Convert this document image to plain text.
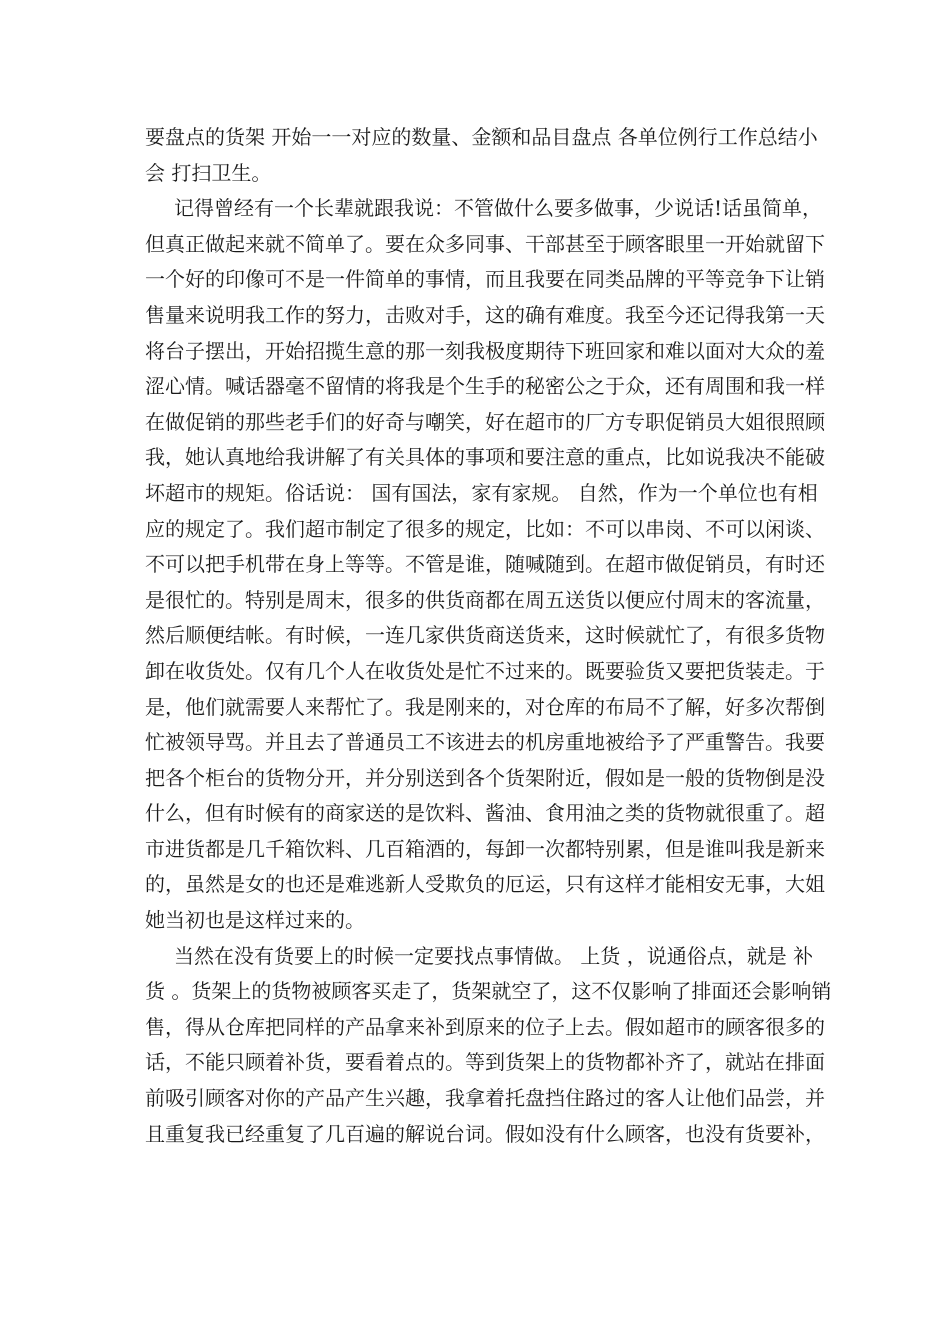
要盘点的货架 开始一一对应的数量、金额和品目盘点 各单位例行工作总结小
会 打扫卫生。
记得曾经有一个长辈就跟我说：不管做什么要多做事，少说话!话虽简单，
但真正做起来就不简单了。要在众多同事、干部甚至于顾客眼里一开始就留下
一个好的印像可不是一件简单的事情，而且我要在同类品牌的平等竞争下让销
售量来说明我工作的努力，击败对手，这的确有难度。我至今还记得我第一天
将台子摆出，开始招揽生意的那一刻我极度期待下班回家和难以面对大众的羞
涩心情。喊话器毫不留情的将我是个生手的秘密公之于众，还有周围和我一样
在做促销的那些老手们的好奇与嘲笑，好在超市的厂方专职促销员大姐很照顾
我，她认真地给我讲解了有关具体的事项和要注意的重点，比如说我决不能破
坏超市的规矩。俗话说： 国有国法，家有家规。 自然，作为一个单位也有相
应的规定了。我们超市制定了很多的规定，比如：不可以串岗、不可以闲谈、
不可以把手机带在身上等等。不管是谁，随喊随到。在超市做促销员，有时还
是很忙的。特别是周末，很多的供货商都在周五送货以便应付周末的客流量，
然后顺便结帐。有时候，一连几家供货商送货来，这时候就忙了，有很多货物
卸在收货处。仅有几个人在收货处是忙不过来的。既要验货又要把货装走。于
是，他们就需要人来帮忙了。我是刚来的，对仓库的布局不了解，好多次帮倒
忙被领导骂。并且去了普通员工不该进去的机房重地被给予了严重警告。我要
把各个柜台的货物分开，并分别送到各个货架附近，假如是一般的货物倒是没
什么，但有时候有的商家送的是饮料、酱油、食用油之类的货物就很重了。超
市进货都是几千箱饮料、几百箱酒的，每卸一次都特别累，但是谁叫我是新来
的，虽然是女的也还是难逃新人受欺负的厄运，只有这样才能相安无事，大姐
她当初也是这样过来的。
当然在没有货要上的时候一定要找点事情做。 上货 ，说通俗点，就是 补
货 。货架上的货物被顾客买走了，货架就空了，这不仅影响了排面还会影响销
售，得从仓库把同样的产品拿来补到原来的位子上去。假如超市的顾客很多的
话，不能只顾着补货，要看着点的。等到货架上的货物都补齐了，就站在排面
前吸引顾客对你的产品产生兴趣，我拿着托盘挡住路过的客人让他们品尝，并
且重复我已经重复了几百遍的解说台词。假如没有什么顾客，也没有货要补，
